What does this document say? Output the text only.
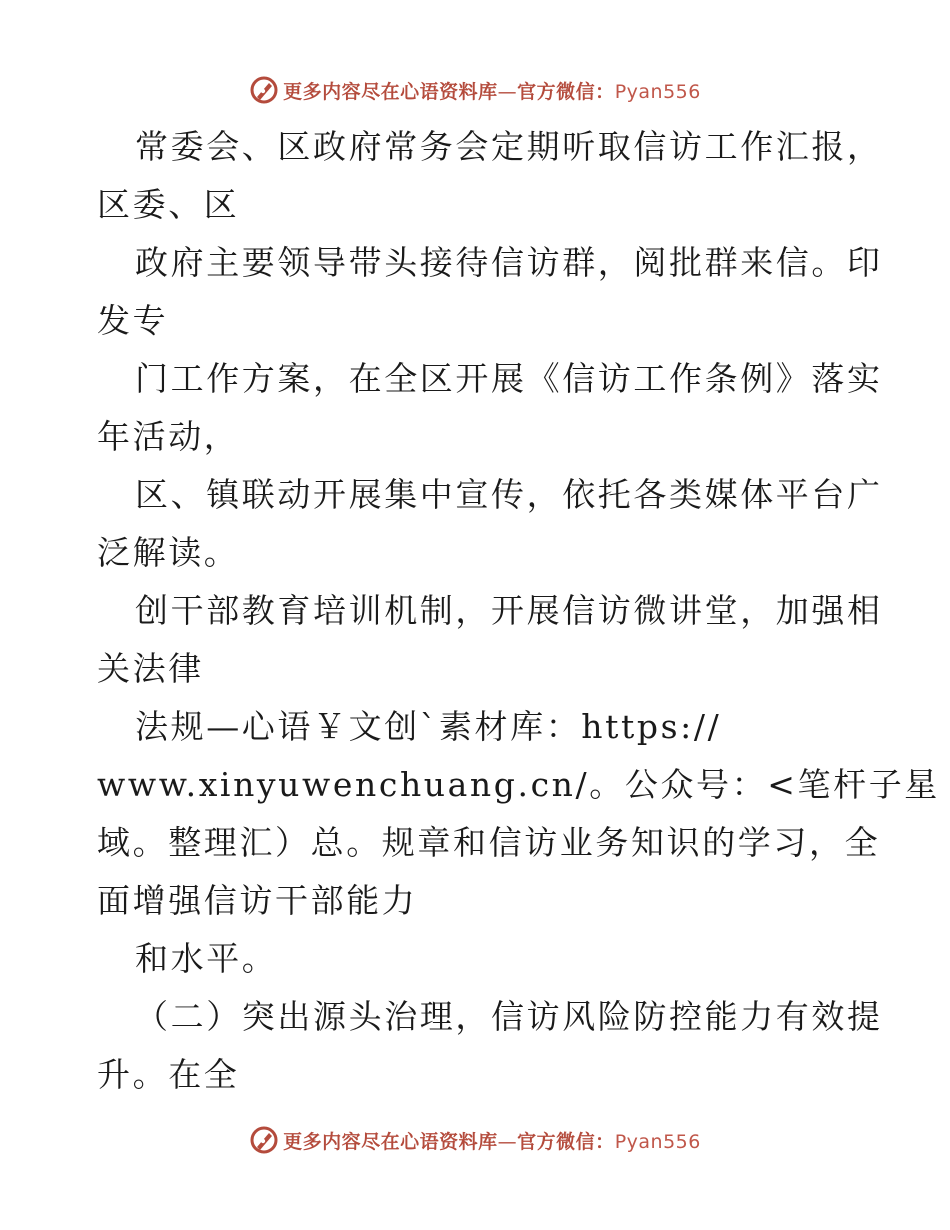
更多内容尽在心语资料库—官方微信：Pyan556
常委会、区政府常务会定期听取信访工作汇报，
区委、区
政府主要领导带头接待信访群，阅批群来信。印
发专
门工作方案，在全区开展《信访工作条例》落实
年活动，
区、镇联动开展集中宣传，依托各类媒体平台广
泛解读。
创干部教育培训机制，开展信访微讲堂，加强相
关法律
法规—心语￥文创`素材库：https://
www.xinyuwenchuang.cn/。公众号：<笔杆子星
域。整理汇）总。规章和信访业务知识的学习，全
面增强信访干部能力
和水平。
（二）突出源头治理，信访风险防控能力有效提
升。在全
更多内容尽在心语资料库—官方微信：Pyan556
